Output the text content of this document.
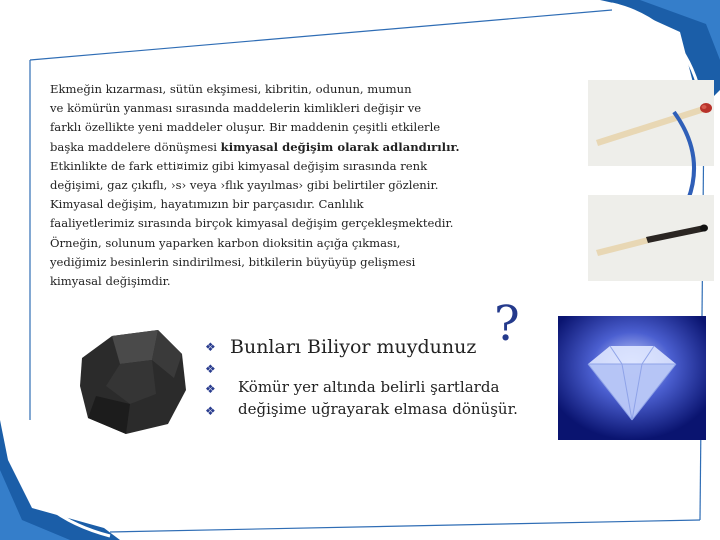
Ekmeğin kızarması, sütün ekşimesi, kibritin, odunun, mumun
ve kömürün yanması sırasında maddelerin kimlikleri değişir ve
farklı özellikte yeni maddeler oluşur. Bir maddenin çeşitli etkilerle
başka maddelere dönüşmesi kimyasal değişim olarak adlandırılır.
Etkinlikte de fark etti¤imiz gibi kimyasal değişim sırasında renk
değişimi, gaz çıkıflı, ›s› veya ›flık yayılmas› gibi belirtiler gözlenir.
Kimyasal değişim, hayatımızın bir parçasıdır. Canlılık
faaliyetlerimiz sırasında birçok kimyasal değişim gerçekleşmektedir.
Örneğin, solunum yaparken karbon dioksitin açığa çıkması,
yediğimiz besinlerin sindirilmesi, bitkilerin büyüyüp gelişmesi
kimyasal değişimdir.
?
❖
❖
❖
❖
Bunları Biliyor muydunuz
Kömür yer altında belirli şartlarda
değişime uğrayarak elmasa dönüşür.
